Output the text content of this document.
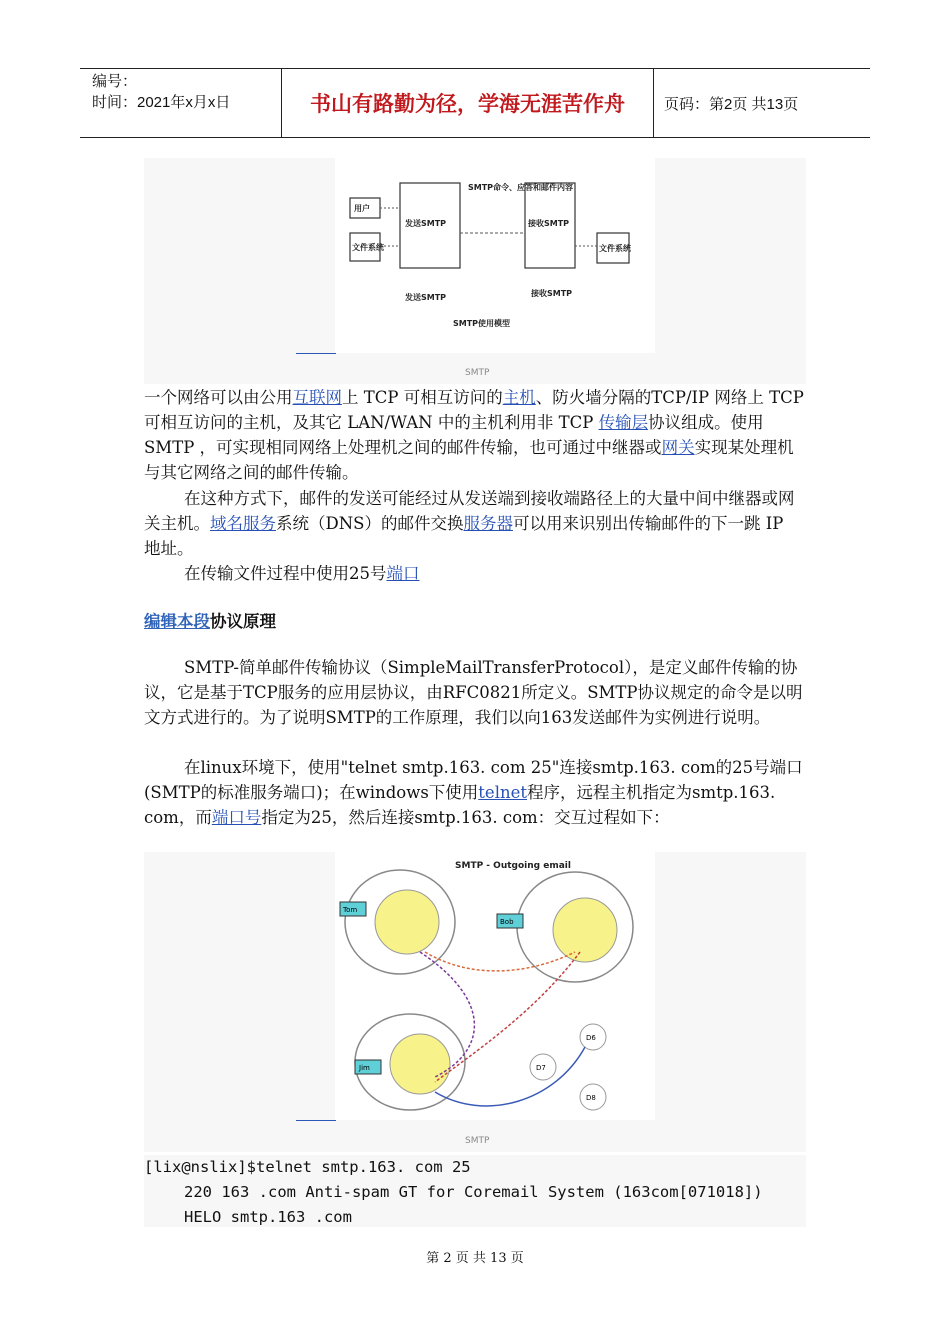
编号：
时间：2021年x月x日	书山有路勤为径，学海无涯苦作舟	页码：第2页 共13页
用户
文件系统
发送SMTP	接收SMTP
文件系统
SMTP命令、应答和邮件内容
发送SMTP	接收SMTP
SMTP使用模型
SMTP

一个网络可以由公用互联网上 TCP 可相互访问的主机、防火墙分隔的TCP/IP 网络上 TCP 可相互访问的主机，及其它 LAN/WAN 中的主机利用非 TCP 传输层协议组成。使用 SMTP ，可实现相同网络上处理机之间的邮件传输，也可通过中继器或网关实现某处理机与其它网络之间的邮件传输。

在这种方式下，邮件的发送可能经过从发送端到接收端路径上的大量中间中继器或网关主机。域名服务系统（DNS）的邮件交换服务器可以用来识别出传输邮件的下一跳 IP 地址。

在传输文件过程中使用25号端口

编辑本段协议原理

SMTP-简单邮件传输协议（SimpleMailTransferProtocol），是定义邮件传输的协议，它是基于TCP服务的应用层协议，由RFC0821所定义。SMTP协议规定的命令是以明文方式进行的。为了说明SMTP的工作原理，我们以向163发送邮件为实例进行说明。

在linux环境下，使用"telnet smtp.163. com 25"连接smtp.163. com的25号端口(SMTP的标准服务端口)；在windows下使用telnet程序，远程主机指定为smtp.163. com，而端口号指定为25，然后连接smtp.163. com：交互过程如下：

SMTP - Outgoing email
Tom
Bob
Jim
D6
D7
D8
SMTP

[lix@nslix]$telnet smtp.163. com 25

220 163 .com Anti-spam GT for Coremail System (163com[071018])

HELO smtp.163 .com

第 2 页 共 13 页
